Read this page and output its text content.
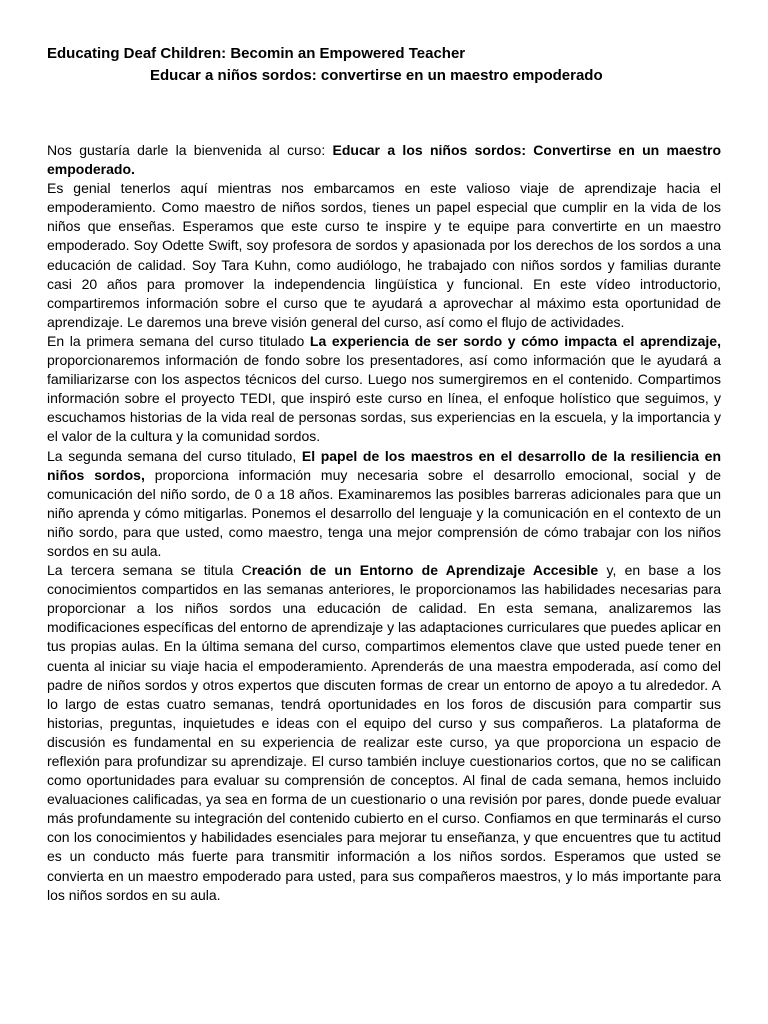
Educating Deaf Children: Becomin an Empowered Teacher
Educar a niños sordos: convertirse en un maestro empoderado

Nos gustaría darle la bienvenida al curso: Educar a los niños sordos: Convertirse en un maestro empoderado.

Es genial tenerlos aquí mientras nos embarcamos en este valioso viaje de aprendizaje hacia el empoderamiento. Como maestro de niños sordos, tienes un papel especial que cumplir en la vida de los niños que enseñas. Esperamos que este curso te inspire y te equipe para convertirte en un maestro empoderado. Soy Odette Swift, soy profesora de sordos y apasionada por los derechos de los sordos a una educación de calidad. Soy Tara Kuhn, como audiólogo, he trabajado con niños sordos y familias durante casi 20 años para promover la independencia lingüística y funcional. En este vídeo introductorio, compartiremos información sobre el curso que te ayudará a aprovechar al máximo esta oportunidad de aprendizaje. Le daremos una breve visión general del curso, así como el flujo de actividades.

En la primera semana del curso titulado La experiencia de ser sordo y cómo impacta el aprendizaje, proporcionaremos información de fondo sobre los presentadores, así como información que le ayudará a familiarizarse con los aspectos técnicos del curso. Luego nos sumergiremos en el contenido. Compartimos información sobre el proyecto TEDI, que inspiró este curso en línea, el enfoque holístico que seguimos, y escuchamos historias de la vida real de personas sordas, sus experiencias en la escuela, y la importancia y el valor de la cultura y la comunidad sordos.

La segunda semana del curso titulado, El papel de los maestros en el desarrollo de la resiliencia en niños sordos, proporciona información muy necesaria sobre el desarrollo emocional, social y de comunicación del niño sordo, de 0 a 18 años. Examinaremos las posibles barreras adicionales para que un niño aprenda y cómo mitigarlas. Ponemos el desarrollo del lenguaje y la comunicación en el contexto de un niño sordo, para que usted, como maestro, tenga una mejor comprensión de cómo trabajar con los niños sordos en su aula.

La tercera semana se titula Creación de un Entorno de Aprendizaje Accesible y, en base a los conocimientos compartidos en las semanas anteriores, le proporcionamos las habilidades necesarias para proporcionar a los niños sordos una educación de calidad. En esta semana, analizaremos las modificaciones específicas del entorno de aprendizaje y las adaptaciones curriculares que puedes aplicar en tus propias aulas. En la última semana del curso, compartimos elementos clave que usted puede tener en cuenta al iniciar su viaje hacia el empoderamiento. Aprenderás de una maestra empoderada, así como del padre de niños sordos y otros expertos que discuten formas de crear un entorno de apoyo a tu alrededor. A lo largo de estas cuatro semanas, tendrá oportunidades en los foros de discusión para compartir sus historias, preguntas, inquietudes e ideas con el equipo del curso y sus compañeros. La plataforma de discusión es fundamental en su experiencia de realizar este curso, ya que proporciona un espacio de reflexión para profundizar su aprendizaje. El curso también incluye cuestionarios cortos, que no se califican como oportunidades para evaluar su comprensión de conceptos. Al final de cada semana, hemos incluido evaluaciones calificadas, ya sea en forma de un cuestionario o una revisión por pares, donde puede evaluar más profundamente su integración del contenido cubierto en el curso. Confiamos en que terminarás el curso con los conocimientos y habilidades esenciales para mejorar tu enseñanza, y que encuentres que tu actitud es un conducto más fuerte para transmitir información a los niños sordos. Esperamos que usted se convierta en un maestro empoderado para usted, para sus compañeros maestros, y lo más importante para los niños sordos en su aula.
